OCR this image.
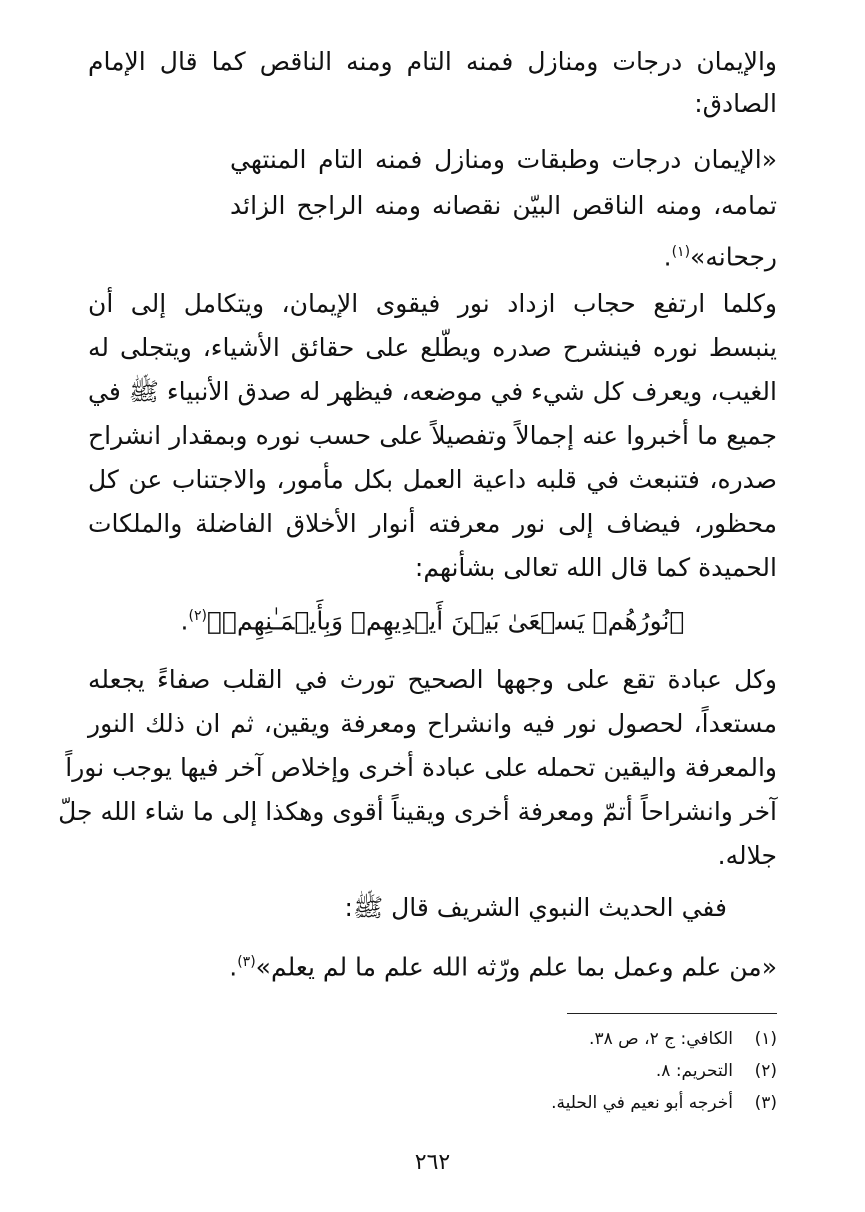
والإيمان درجات ومنازل فمنه التام ومنه الناقص كما قال الإمام
الصادق:
«الإيمان درجات وطبقات ومنازل فمنه التام المنتهي
تمامه، ومنه الناقص البيّن نقصانه ومنه الراجح الزائد
رجحانه»$^{(١)}$.
وكلما ارتفع حجاب ازداد نور فيقوى الإيمان، ويتكامل إلى أن
ينبسط نوره فينشرح صدره ويطّلع على حقائق الأشياء، ويتجلى له
الغيب، ويعرف كل شيء في موضعه، فيظهر له صدق الأنبياء ﷺ في
جميع ما أخبروا عنه إجمالاً وتفصيلاً على حسب نوره وبمقدار انشراح
صدره، فتنبعث في قلبه داعية العمل بكل مأمور، والاجتناب عن كل
محظور، فيضاف إلى نور معرفته أنوار الأخلاق الفاضلة والملكات
الحميدة كما قال الله تعالى بشأنهم:
﴿نُورُهُمۡ يَسۡعَىٰ بَيۡنَ أَيۡدِيهِمۡ وَبِأَيۡمَـٰنِهِمۡ﴾$^{(٢)}$.
وكل عبادة تقع على وجهها الصحيح تورث في القلب صفاءً يجعله
مستعداً، لحصول نور فيه وانشراح ومعرفة ويقين، ثم ان ذلك النور
والمعرفة واليقين تحمله على عبادة أخرى وإخلاص آخر فيها يوجب نوراً
آخر وانشراحاً أتمّ ومعرفة أخرى ويقيناً أقوى وهكذا إلى ما شاء الله جلّ
جلاله.
ففي الحديث النبوي الشريف قال ﷺ:
«من علم وعمل بما علم ورّثه الله علم ما لم يعلم»$^{(٣)}$.
(١)الكافي: ج ٢، ص ٣٨.
(٢)التحريم: ٨.
(٣)أخرجه أبو نعيم في الحلية.
٢٦٢
